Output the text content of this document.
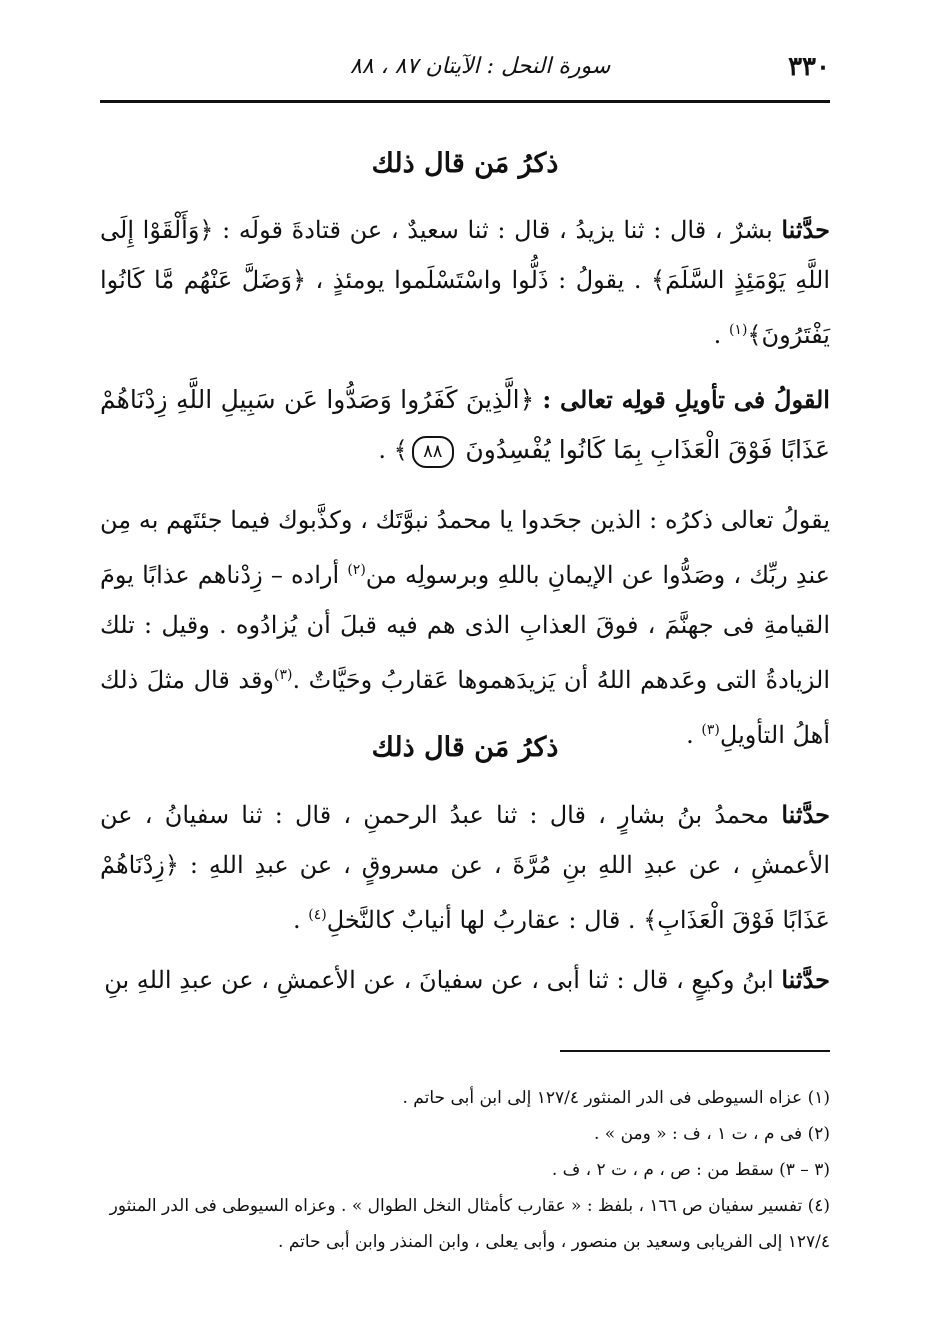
٣٣٠
سورة النحل : الآيتان ٨٧ ، ٨٨
ذكرُ مَن قال ذلك

حدَّثنا بشرٌ ، قال : ثنا يزيدُ ، قال : ثنا سعيدٌ ، عن قتادةَ قولَه : ﴿وَأَلْقَوْا إِلَى اللَّهِ يَوْمَئِذٍ السَّلَمَ﴾ . يقولُ : ذَلُّوا واسْتَسْلَموا يومئذٍ ، ﴿وَضَلَّ عَنْهُم مَّا كَانُوا يَفْتَرُونَ﴾$^{(١)}$ .

القولُ فى تأويلِ قولِه تعالى : ﴿الَّذِينَ كَفَرُوا وَصَدُّوا عَن سَبِيلِ اللَّهِ زِدْنَاهُمْ عَذَابًا فَوْقَ الْعَذَابِ بِمَا كَانُوا يُفْسِدُونَ ٨٨﴾ .

يقولُ تعالى ذكرُه : الذين جحَدوا يا محمدُ نبوَّتَك ، وكذَّبوك فيما جئتَهم به مِن عندِ ربِّك ، وصَدُّوا عن الإيمانِ باللهِ وبرسولِه من$^{(٢)}$ أراده – زِدْناهم عذابًا يومَ القيامةِ فى جهنَّمَ ، فوقَ العذابِ الذى هم فيه قبلَ أن يُزادُوه . وقيل : تلك الزيادةُ التى وعَدهم اللهُ أن يَزيدَهموها عَقاربُ وحَيَّاتٌ .$^{(٣)}$وقد قال مثلَ ذلك أهلُ التأويلِ$^{(٣)}$ .

ذكرُ مَن قال ذلك

حدَّثنا محمدُ بنُ بشارٍ ، قال : ثنا عبدُ الرحمنِ ، قال : ثنا سفيانُ ، عن الأعمشِ ، عن عبدِ اللهِ بنِ مُرَّةَ ، عن مسروقٍ ، عن عبدِ اللهِ : ﴿زِدْنَاهُمْ عَذَابًا فَوْقَ الْعَذَابِ﴾ . قال : عقاربُ لها أنيابٌ كالنَّخلِ$^{(٤)}$ .

حدَّثنا ابنُ وكيعٍ ، قال : ثنا أبى ، عن سفيانَ ، عن الأعمشِ ، عن عبدِ اللهِ بنِ

(١) عزاه السيوطى فى الدر المنثور ١٢٧/٤ إلى ابن أبى حاتم .

(٢) فى م ، ت ١ ، ف : « ومن » .

(٣ – ٣) سقط من : ص ، م ، ت ٢ ، ف .

(٤) تفسير سفيان ص ١٦٦ ، بلفظ : « عقارب كأمثال النخل الطوال » . وعزاه السيوطى فى الدر المنثور ١٢٧/٤ إلى الفريابى وسعيد بن منصور ، وأبى يعلى ، وابن المنذر وابن أبى حاتم .
